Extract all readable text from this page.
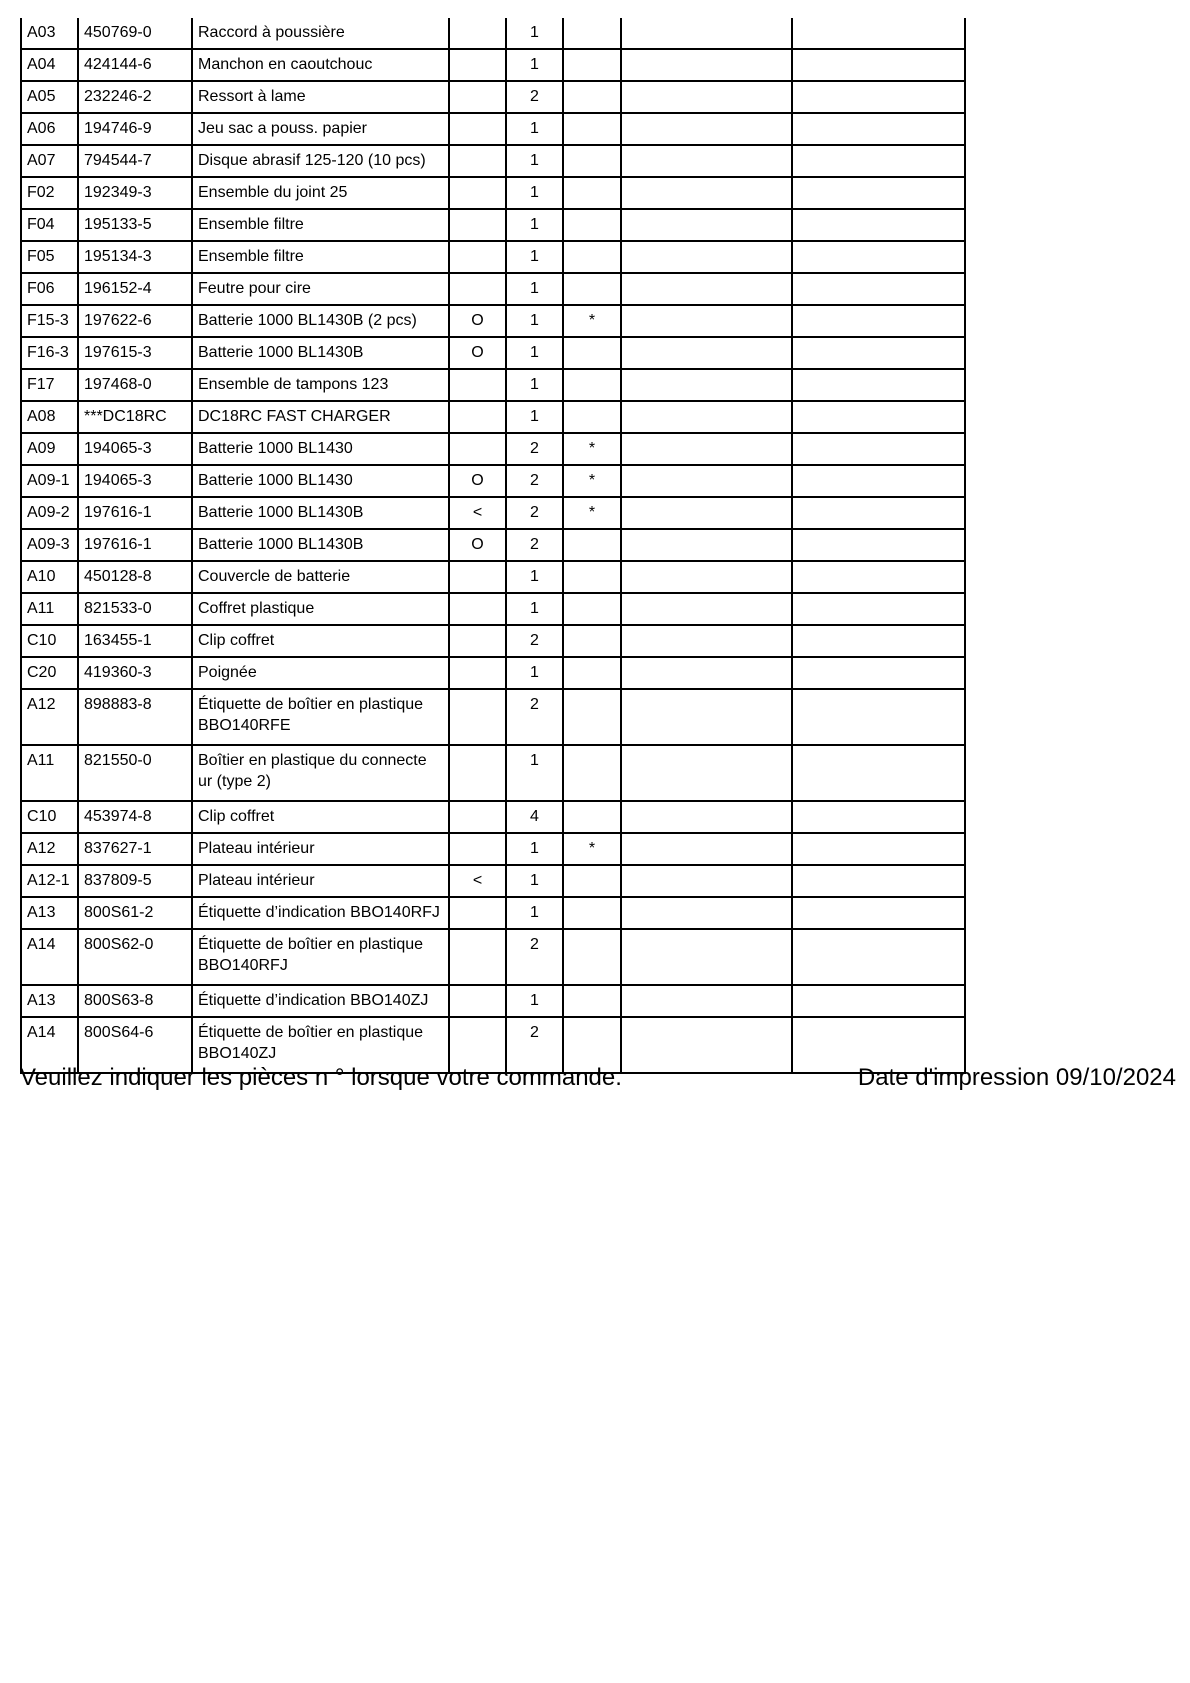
A03	450769-0	Raccord à poussière		1			
A04	424144-6	Manchon en caoutchouc		1			
A05	232246-2	Ressort à lame		2			
A06	194746-9	Jeu sac a pouss. papier		1			
A07	794544-7	Disque abrasif 125-120 (10 pcs)		1			
F02	192349-3	Ensemble du joint 25		1			
F04	195133-5	Ensemble filtre		1			
F05	195134-3	Ensemble filtre		1			
F06	196152-4	Feutre pour cire		1			
F15-3	197622-6	Batterie 1000 BL1430B (2 pcs)	O	1	*		
F16-3	197615-3	Batterie 1000 BL1430B	O	1			
F17	197468-0	Ensemble de tampons 123		1			
A08	***DC18RC	DC18RC FAST CHARGER		1			
A09	194065-3	Batterie 1000 BL1430		2	*		
A09-1	194065-3	Batterie 1000 BL1430	O	2	*		
A09-2	197616-1	Batterie 1000 BL1430B	<	2	*		
A09-3	197616-1	Batterie 1000 BL1430B	O	2			
A10	450128-8	Couvercle de batterie		1			
A11	821533-0	Coffret plastique		1			
C10	163455-1	Clip coffret		2			
C20	419360-3	Poignée		1			
A12	898883-8	Étiquette de boîtier en plastique BBO140RFE		2			
A11	821550-0	Boîtier en plastique du connecte ur (type 2)		1			
C10	453974-8	Clip coffret		4			
A12	837627-1	Plateau intérieur		1	*		
A12-1	837809-5	Plateau intérieur	<	1			
A13	800S61-2	Étiquette d’indication BBO140RFJ		1			
A14	800S62-0	Étiquette de boîtier en plastique BBO140RFJ		2			
A13	800S63-8	Étiquette d’indication BBO140ZJ		1			
A14	800S64-6	Étiquette de boîtier en plastique BBO140ZJ		2			
Veuillez indiquer les pièces n ° lorsque votre commande.	Date d'impression 09/10/2024
